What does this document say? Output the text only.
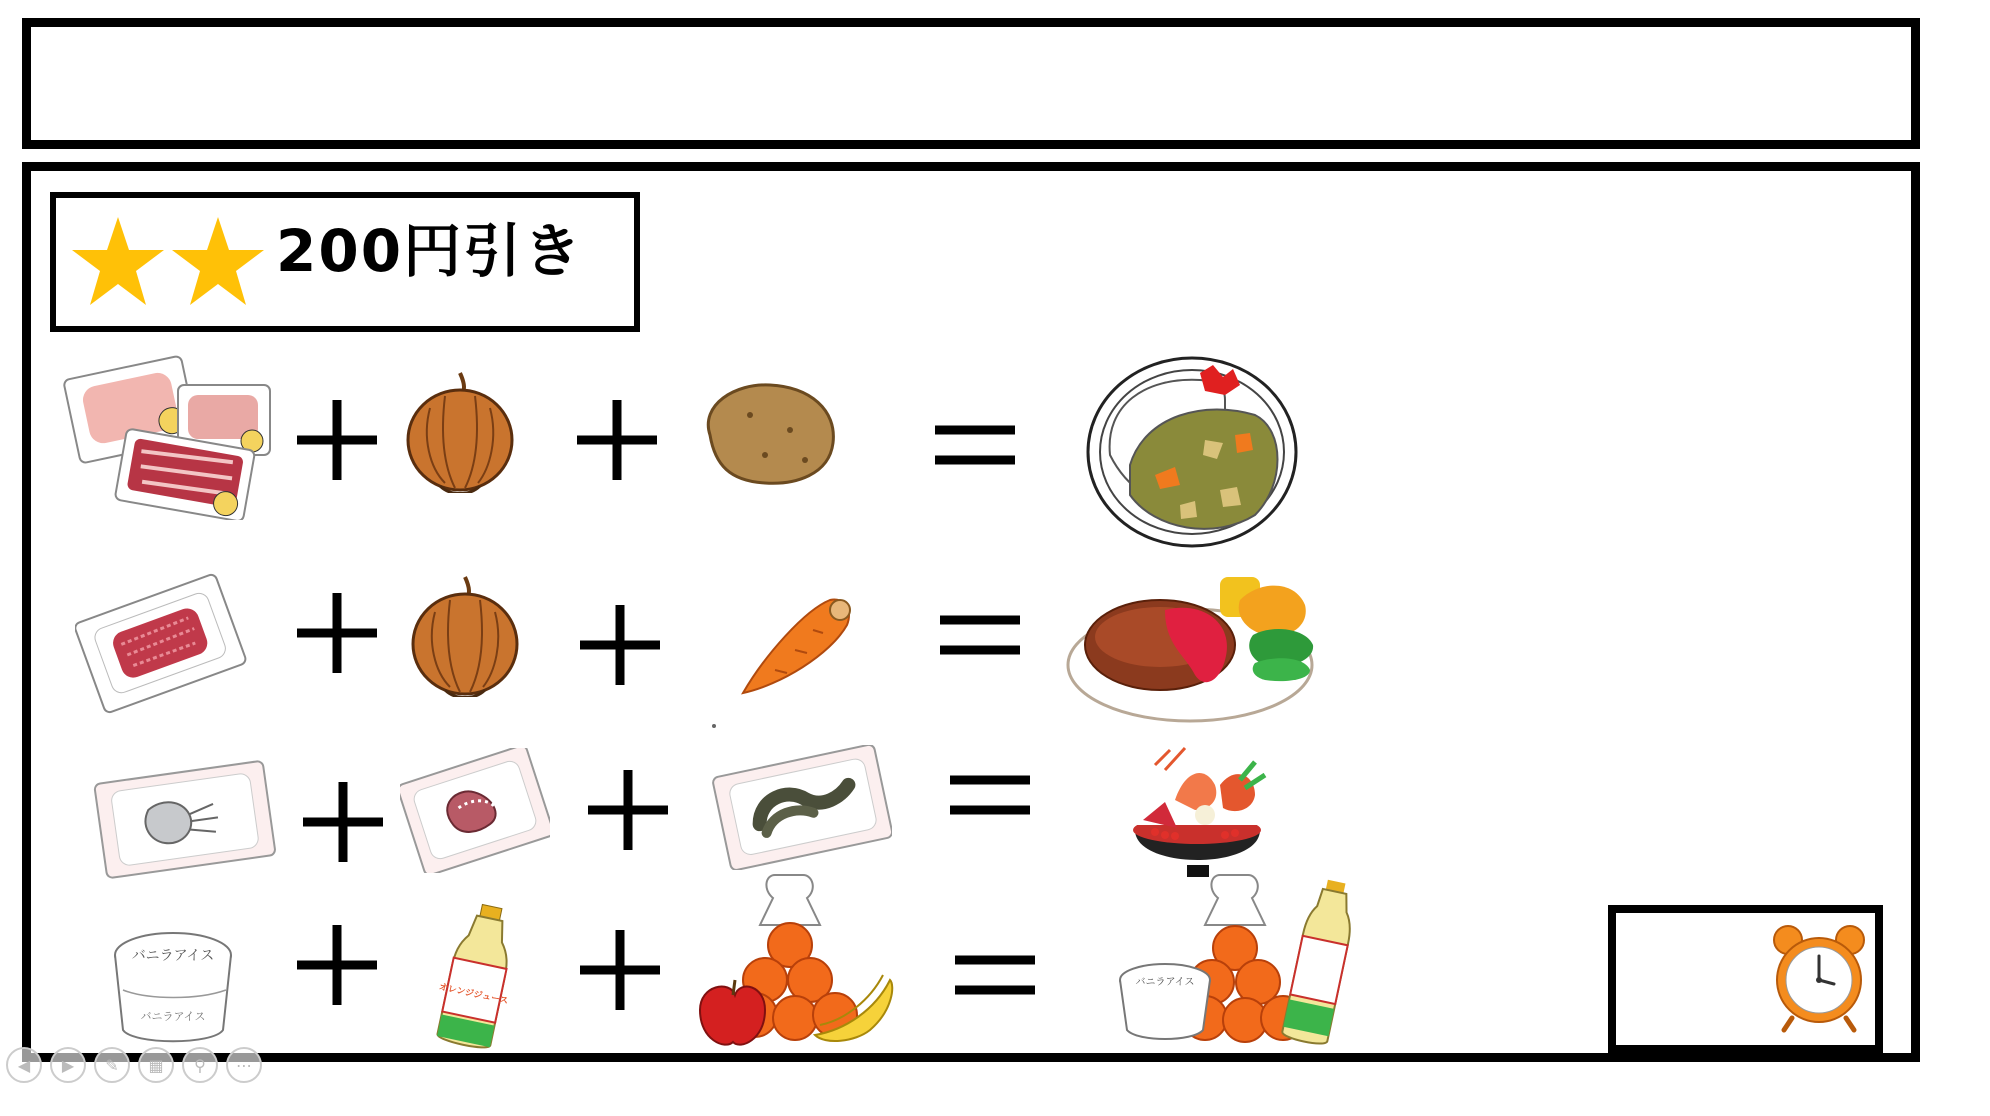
200円引き
バニラアイス
バニラアイス
オレンジジュース	バニラアイス
◀	▶	✎	▦	⚲	⋯
